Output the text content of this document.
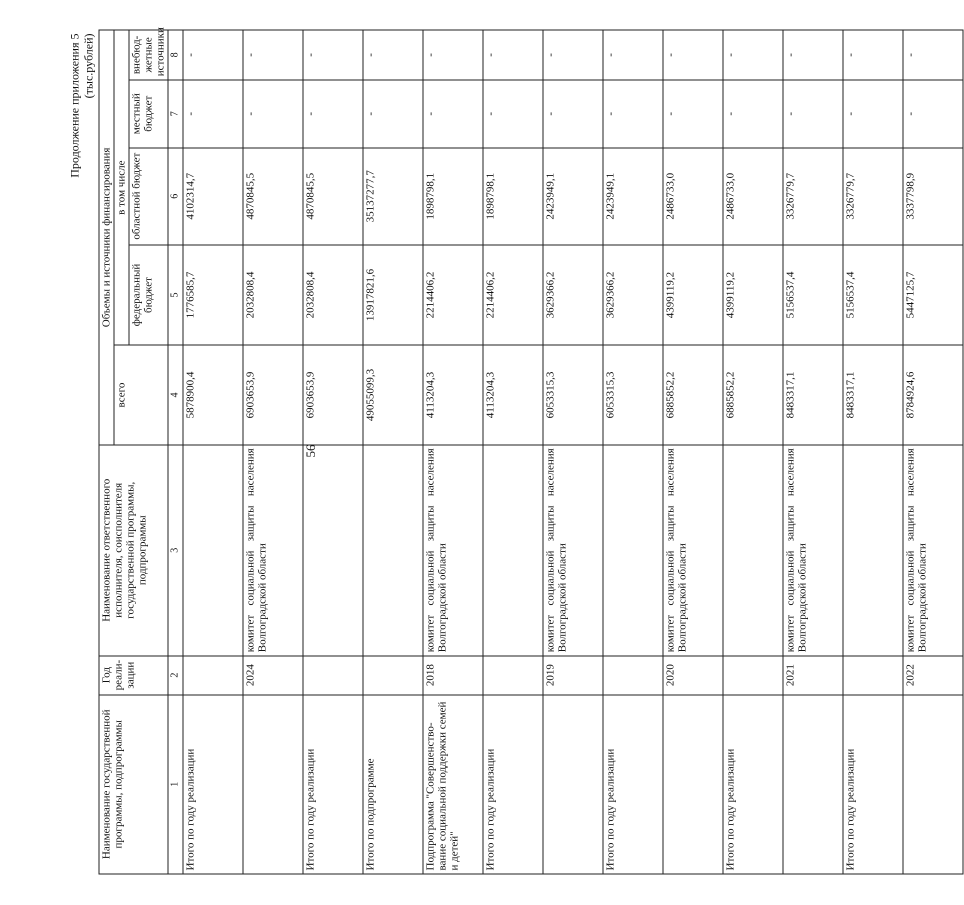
56
Продолжение приложения 5 (тыс.рублей)
Наименование государственной программы, подпрограммы	Год реали-зации	Наименование ответственного исполнителя, соисполнителя государственной программы, подпрограммы	Объемы и источники финансирования				
			всего	в том числе			
				федеральный бюджет	областной бюджет	местный бюджет	внебюд-жетные источники
1	2	3	4	5	6	7	8
Итого по году реализации			5878900,4	1776585,7	4102314,7	-	-
	2024	комитет социальной защиты населения Волгоградской области	6903653,9	2032808,4	4870845,5	-	-
Итого по году реализации			6903653,9	2032808,4	4870845,5	-	-
Итого по подпрограмме			49055099,3	13917821,6	35137277,7	-	-
Подпрограмма "Совершенство-вание социальной поддержки семей и детей"	2018	комитет социальной защиты населения Волгоградской области	4113204,3	2214406,2	1898798,1	-	-
Итого по году реализации			4113204,3	2214406,2	1898798,1	-	-
	2019	комитет социальной защиты населения Волгоградской области	6053315,3	3629366,2	2423949,1	-	-
Итого по году реализации			6053315,3	3629366,2	2423949,1	-	-
	2020	комитет социальной защиты населения Волгоградской области	6885852,2	4399119,2	2486733,0	-	-
Итого по году реализации			6885852,2	4399119,2	2486733,0	-	-
	2021	комитет социальной защиты населения Волгоградской области	8483317,1	5156537,4	3326779,7	-	-
Итого по году реализации			8483317,1	5156537,4	3326779,7	-	-
	2022	комитет социальной защиты населения Волгоградской области	8784924,6	5447125,7	3337798,9	-	-
